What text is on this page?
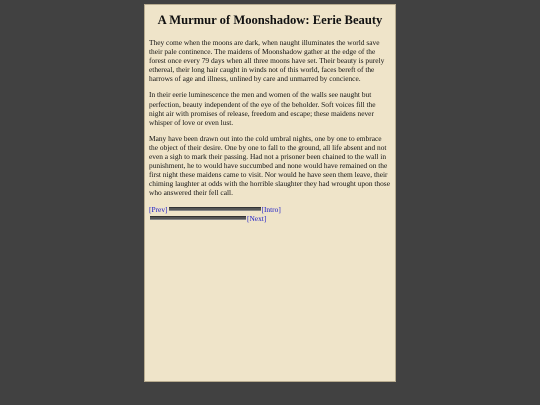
A Murmur of Moonshadow: Eerie Beauty

They come when the moons are dark, when naught illuminates the world save their pale continence. The maidens of Moonshadow gather at the edge of the forest once every 79 days when all three moons have set. Their beauty is purely ethereal, their long hair caught in winds not of this world, faces bereft of the harrows of age and illness, unlined by care and unmarred by concience.

In their eerie luminescence the men and women of the walls see naught but perfection, beauty independent of the eye of the beholder. Soft voices fill the night air with promises of release, freedom and escape; these maidens never whisper of love or even lust.

Many have been drawn out into the cold umbral nights, one by one to embrace the object of their desire. One by one to fall to the ground, all life absent and not even a sigh to mark their passing. Had not a prisoner been chained to the wall in punishment, he to would have succumbed and none would have remained on the first night these maidens came to visit. Nor would he have seen them leave, their chiming laughter at odds with the horrible slaughter they had wrought upon those who answered their fell call.

[ Prev ]	[ Intro ]
[ Next ]
